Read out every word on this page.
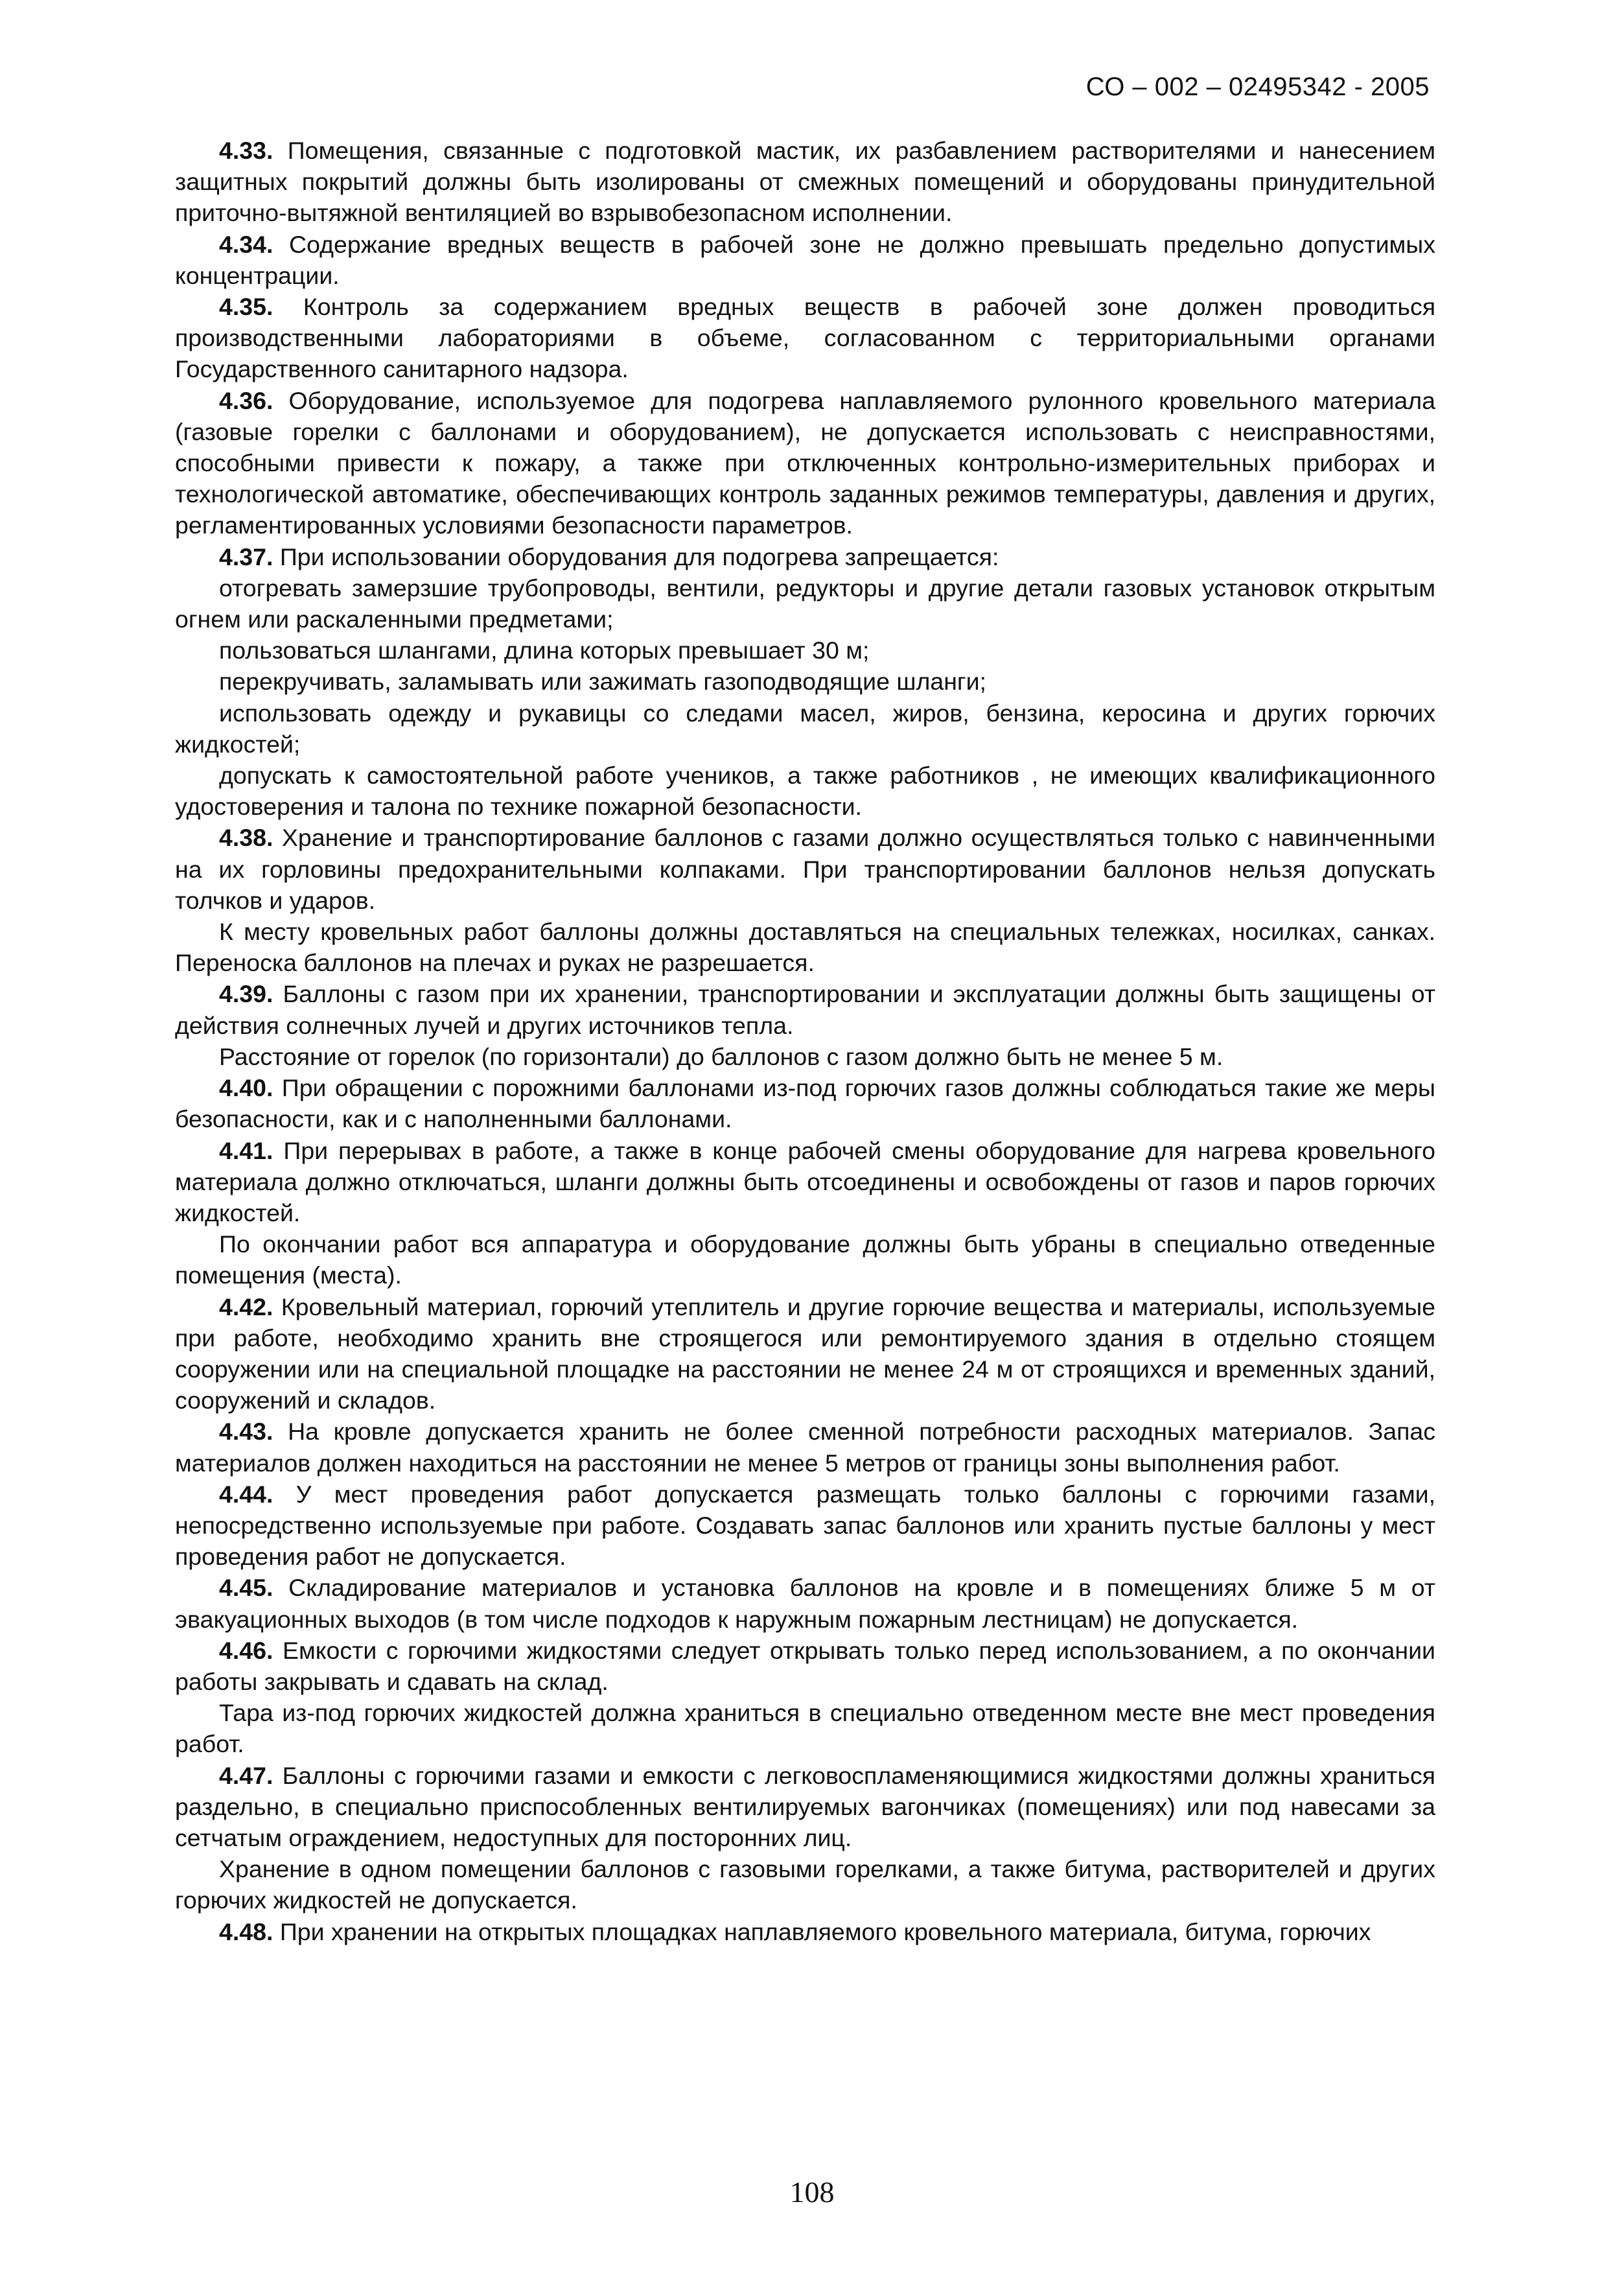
СО – 002 – 02495342 - 2005

4.33. Помещения, связанные с подготовкой мастик, их разбавлением растворителями и нанесением защитных покрытий должны быть изолированы от смежных помещений и оборудованы принудительной приточно-вытяжной вентиляцией во взрывобезопасном исполнении.

4.34. Содержание вредных веществ в рабочей зоне не должно превышать предельно допустимых концентрации.

4.35. Контроль за содержанием вредных веществ в рабочей зоне должен проводиться производственными лабораториями в объеме, согласованном с территориальными органами Государственного санитарного надзора.

4.36. Оборудование, используемое для подогрева наплавляемого рулонного кровельного материала (газовые горелки с баллонами и оборудованием), не допускается использовать с неисправностями, способными привести к пожару, а также при отключенных контрольно-измерительных приборах и технологической автоматике, обеспечивающих контроль заданных режимов температуры, давления и других, регламентированных условиями безопасности параметров.

4.37. При использовании оборудования для подогрева запрещается:

отогревать замерзшие трубопроводы, вентили, редукторы и другие детали газовых установок открытым огнем или раскаленными предметами;

пользоваться шлангами, длина которых превышает 30 м;

перекручивать, заламывать или зажимать газоподводящие шланги;

использовать одежду и рукавицы со следами масел, жиров, бензина, керосина и других горючих жидкостей;

допускать к самостоятельной работе учеников, а также работников , не имеющих квалификационного удостоверения и талона по технике пожарной безопасности.

4.38. Хранение и транспортирование баллонов с газами должно осуществляться только с навинченными на их горловины предохранительными колпаками. При транспортировании баллонов нельзя допускать толчков и ударов.

К месту кровельных работ баллоны должны доставляться на специальных тележках, носилках, санках. Переноска баллонов на плечах и руках не разрешается.

4.39. Баллоны с газом при их хранении, транспортировании и эксплуатации должны быть защищены от действия солнечных лучей и других источников тепла.

Расстояние от горелок (по горизонтали) до баллонов с газом должно быть не менее 5 м.

4.40. При обращении с порожними баллонами из-под горючих газов должны соблюдаться такие же меры безопасности, как и с наполненными баллонами.

4.41. При перерывах в работе, а также в конце рабочей смены оборудование для нагрева кровельного материала должно отключаться, шланги должны быть отсоединены и освобождены от газов и паров горючих жидкостей.

По окончании работ вся аппаратура и оборудование должны быть убраны в специально отведенные помещения (места).

4.42. Кровельный материал, горючий утеплитель и другие горючие вещества и материалы, используемые при работе, необходимо хранить вне строящегося или ремонтируемого здания в отдельно стоящем сооружении или на специальной площадке на расстоянии не менее 24 м от строящихся и временных зданий, сооружений и складов.

4.43. На кровле допускается хранить не более сменной потребности расходных материалов. Запас материалов должен находиться на расстоянии не менее 5 метров от границы зоны выполнения работ.

4.44. У мест проведения работ допускается размещать только баллоны с горючими газами, непосредственно используемые при работе. Создавать запас баллонов или хранить пустые баллоны у мест проведения работ не допускается.

4.45. Складирование материалов и установка баллонов на кровле и в помещениях ближе 5 м от эвакуационных выходов (в том числе подходов к наружным пожарным лестницам) не допускается.

4.46. Емкости с горючими жидкостями следует открывать только перед использованием, а по окончании работы закрывать и сдавать на склад.

Тара из-под горючих жидкостей должна храниться в специально отведенном месте вне мест проведения работ.

4.47. Баллоны с горючими газами и емкости с легковоспламеняющимися жидкостями должны храниться раздельно, в специально приспособленных вентилируемых вагончиках (помещениях) или под навесами за сетчатым ограждением, недоступных для посторонних лиц.

Хранение в одном помещении баллонов с газовыми горелками, а также битума, растворителей и других горючих жидкостей не допускается.

4.48. При хранении на открытых площадках наплавляемого кровельного материала, битума, горючих

108
